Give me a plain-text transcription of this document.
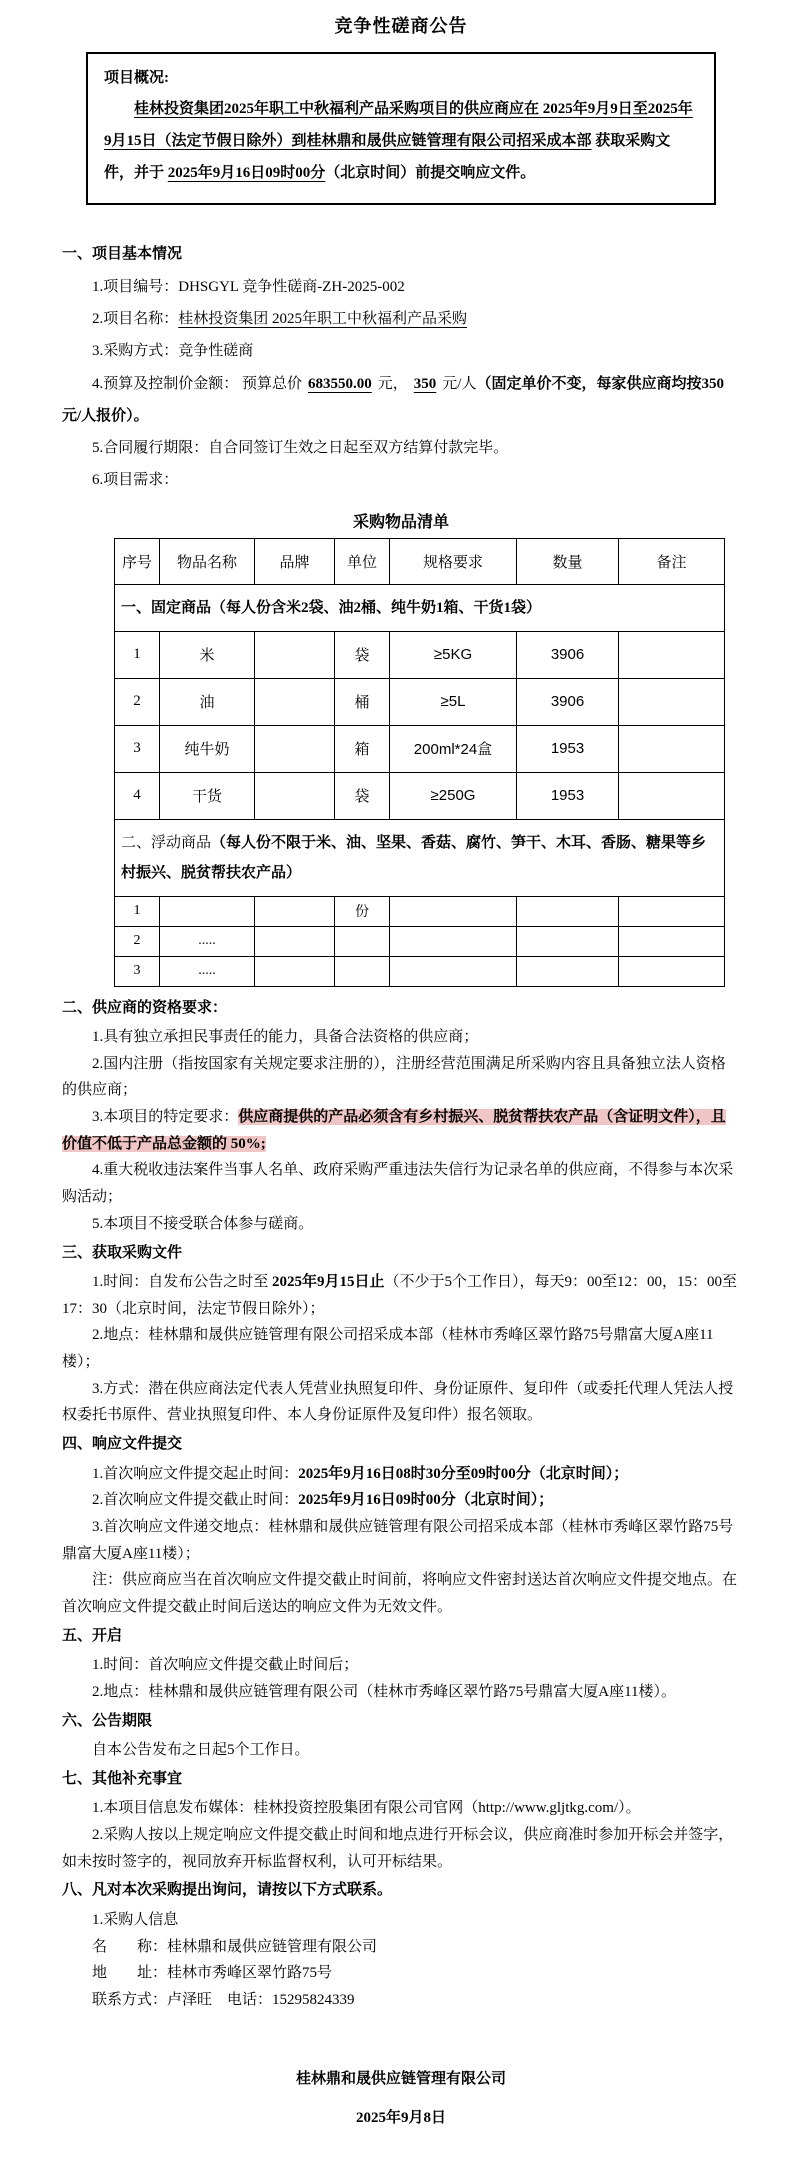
竞争性磋商公告

项目概况:

桂林投资集团2025年职工中秋福利产品采购项目的供应商应在 2025年9月9日至2025年9月15日（法定节假日除外）到桂林鼎和晟供应链管理有限公司招采成本部 获取采购文件，并于 2025年9月16日09时00分（北京时间）前提交响应文件。

一、项目基本情况

1.项目编号：DHSGYL 竞争性磋商-ZH-2025-002

2.项目名称：桂林投资集团 2025年职工中秋福利产品采购

3.采购方式：竞争性磋商

4.预算及控制价金额： 预算总价 683550.00 元， 350 元/人（固定单价不变，每家供应商均按350元/人报价）。

5.合同履行期限：自合同签订生效之日起至双方结算付款完毕。

6.项目需求：

采购物品清单
序号	物品名称	品牌	单位	规格要求	数量	备注
一、固定商品（每人份含米2袋、油2桶、纯牛奶1箱、干货1袋）						
1	米		袋	≥5KG	3906	
2	油		桶	≥5L	3906	
3	纯牛奶		箱	200ml*24盒	1953	
4	干货		袋	≥250G	1953	
二、浮动商品（每人份不限于米、油、坚果、香菇、腐竹、笋干、木耳、香肠、糖果等乡村振兴、脱贫帮扶农产品）						
1			份			
2	.....					
3	.....					
二、供应商的资格要求：

1.具有独立承担民事责任的能力，具备合法资格的供应商；

2.国内注册（指按国家有关规定要求注册的），注册经营范围满足所采购内容且具备独立法人资格的供应商；

3.本项目的特定要求：供应商提供的产品必须含有乡村振兴、脱贫帮扶农产品（含证明文件），且价值不低于产品总金额的 50%;

4.重大税收违法案件当事人名单、政府采购严重违法失信行为记录名单的供应商，不得参与本次采购活动；

5.本项目不接受联合体参与磋商。

三、获取采购文件

1.时间：自发布公告之时至 2025年9月15日止（不少于5个工作日），每天9：00至12：00，15：00至17：30（北京时间，法定节假日除外）；

2.地点：桂林鼎和晟供应链管理有限公司招采成本部（桂林市秀峰区翠竹路75号鼎富大厦A座11楼）；

3.方式：潜在供应商法定代表人凭营业执照复印件、身份证原件、复印件（或委托代理人凭法人授权委托书原件、营业执照复印件、本人身份证原件及复印件）报名领取。

四、响应文件提交

1.首次响应文件提交起止时间：2025年9月16日08时30分至09时00分（北京时间）；

2.首次响应文件提交截止时间：2025年9月16日09时00分（北京时间）；

3.首次响应文件递交地点：桂林鼎和晟供应链管理有限公司招采成本部（桂林市秀峰区翠竹路75号鼎富大厦A座11楼）；

注：供应商应当在首次响应文件提交截止时间前，将响应文件密封送达首次响应文件提交地点。在首次响应文件提交截止时间后送达的响应文件为无效文件。

五、开启

1.时间：首次响应文件提交截止时间后；

2.地点：桂林鼎和晟供应链管理有限公司（桂林市秀峰区翠竹路75号鼎富大厦A座11楼）。

六、公告期限

自本公告发布之日起5个工作日。

七、其他补充事宜

1.本项目信息发布媒体：桂林投资控股集团有限公司官网（http://www.gljtkg.com/）。

2.采购人按以上规定响应文件提交截止时间和地点进行开标会议，供应商准时参加开标会并签字，如未按时签字的，视同放弃开标监督权利，认可开标结果。

八、凡对本次采购提出询问，请按以下方式联系。

1.采购人信息

名　　称：桂林鼎和晟供应链管理有限公司

地　　址：桂林市秀峰区翠竹路75号

联系方式：卢泽旺　电话：15295824339

桂林鼎和晟供应链管理有限公司

2025年9月8日
